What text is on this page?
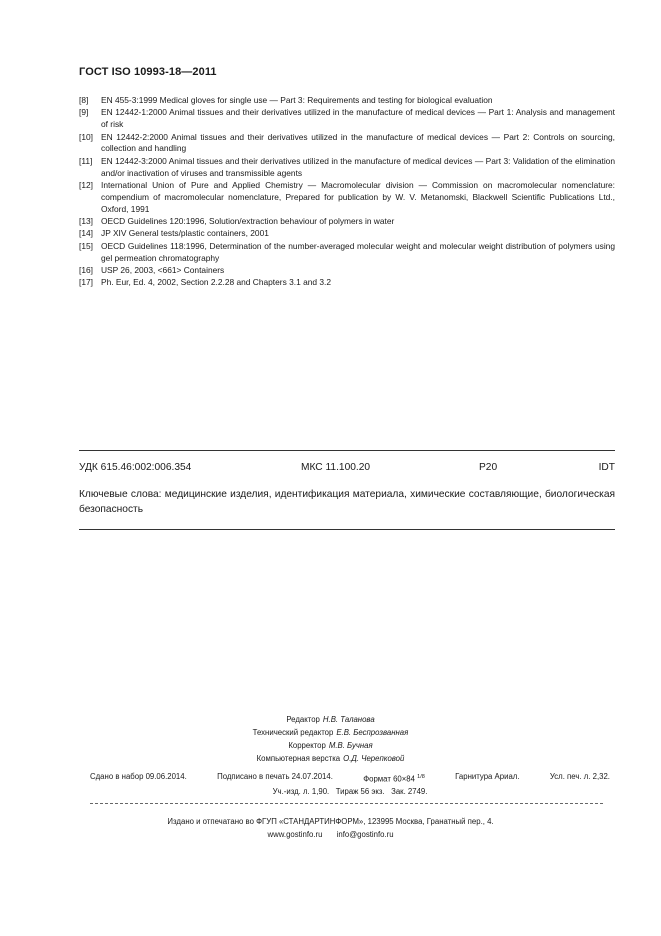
ГОСТ ISO 10993-18—2011
[8]	EN 455-3:1999 Medical gloves for single use — Part 3: Requirements and testing for biological evaluation
[9]	EN 12442-1:2000 Animal tissues and their derivatives utilized in the manufacture of medical devices — Part 1: Analysis and management of risk
[10] EN 12442-2:2000 Animal tissues and their derivatives utilized in the manufacture of medical devices — Part 2: Controls on sourcing, collection and handling
[11]	EN 12442-3:2000 Animal tissues and their derivatives utilized in the manufacture of medical devices — Part 3: Validation of the elimination and/or inactivation of viruses and transmissible agents
[12] International Union of Pure and Applied Chemistry — Macromolecular division — Commission on macromolecular nomenclature: compendium of macromolecular nomenclature, Prepared for publication by W. V. Metanomski, Blackwell Scientific Publications Ltd., Oxford, 1991
[13] OECD Guidelines 120:1996, Solution/extraction behaviour of polymers in water
[14] JP XIV General tests/plastic containers, 2001
[15] OECD Guidelines 118:1996, Determination of the number-averaged molecular weight and molecular weight distribution of polymers using gel permeation chromatography
[16] USP 26, 2003, <661> Containers
[17] Ph. Eur, Ed. 4, 2002, Section 2.2.28 and Chapters 3.1 and 3.2
УДК 615.46:002:006.354	МКС 11.100.20	Р20	IDT
Ключевые слова: медицинские изделия, идентификация материала, химические составляющие, биологическая безопасность
Редактор Н.В. Таланова
Технический редактор Е.В. Беспрозванная
Корректор М.В. Бучная
Компьютерная верстка О.Д. Черепковой
Сдано в набор 09.06.2014.	Подписано в печать 24.07.2014.	Формат 60×84 $^{1/8}$	Гарнитура Ариал.	Усл. печ. л. 2,32.
Уч.-изд. л. 1,90. Тираж 56 экз. Зак. 2749.
Издано и отпечатано во ФГУП «СТАНДАРТИНФОРМ», 123995 Москва, Гранатный пер., 4.
www.gostinfo.ru info@gostinfo.ru
